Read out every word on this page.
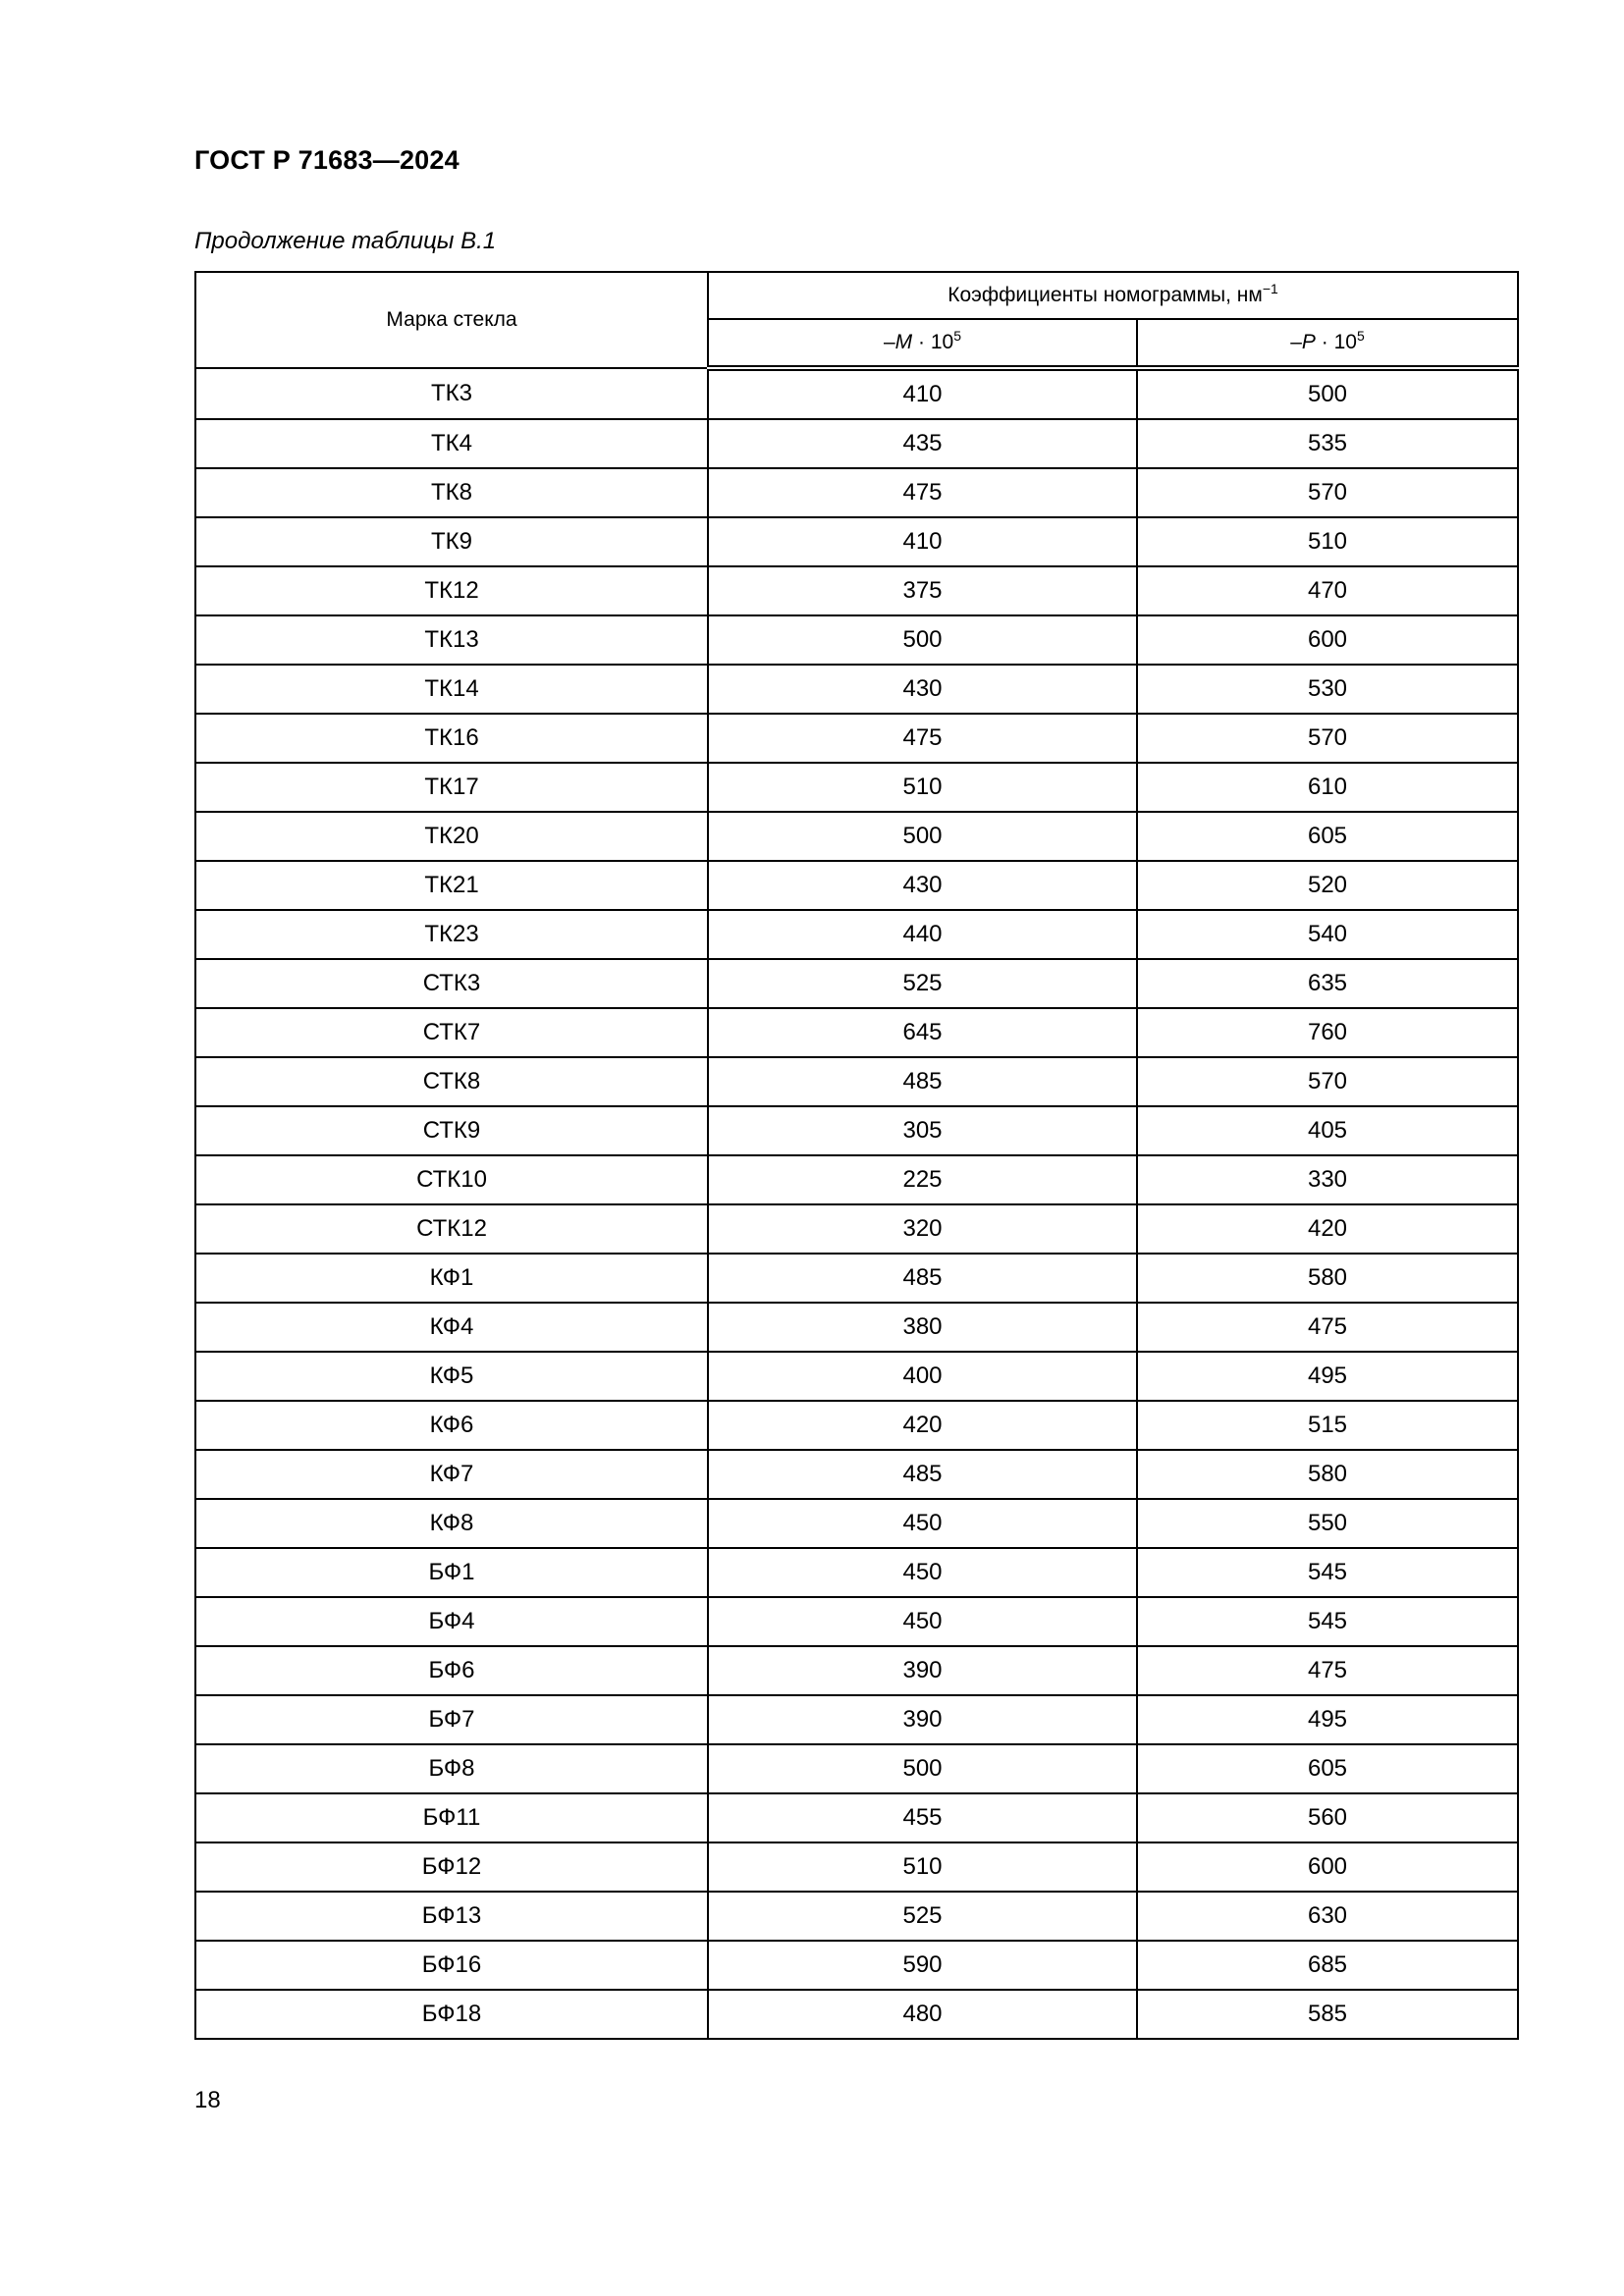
ГОСТ Р 71683—2024
Продолжение таблицы В.1
Марка стекла	Коэффициенты номограммы, $нм^{-1}$
	$-M \cdot 10^5$	$-P \cdot 10^5$
ТК3	410	500
ТК4	435	535
ТК8	475	570
ТК9	410	510
ТК12	375	470
ТК13	500	600
ТК14	430	530
ТК16	475	570
ТК17	510	610
ТК20	500	605
ТК21	430	520
ТК23	440	540
СТК3	525	635
СТК7	645	760
СТК8	485	570
СТК9	305	405
СТК10	225	330
СТК12	320	420
КФ1	485	580
КФ4	380	475
КФ5	400	495
КФ6	420	515
КФ7	485	580
КФ8	450	550
БФ1	450	545
БФ4	450	545
БФ6	390	475
БФ7	390	495
БФ8	500	605
БФ11	455	560
БФ12	510	600
БФ13	525	630
БФ16	590	685
БФ18	480	585
18
